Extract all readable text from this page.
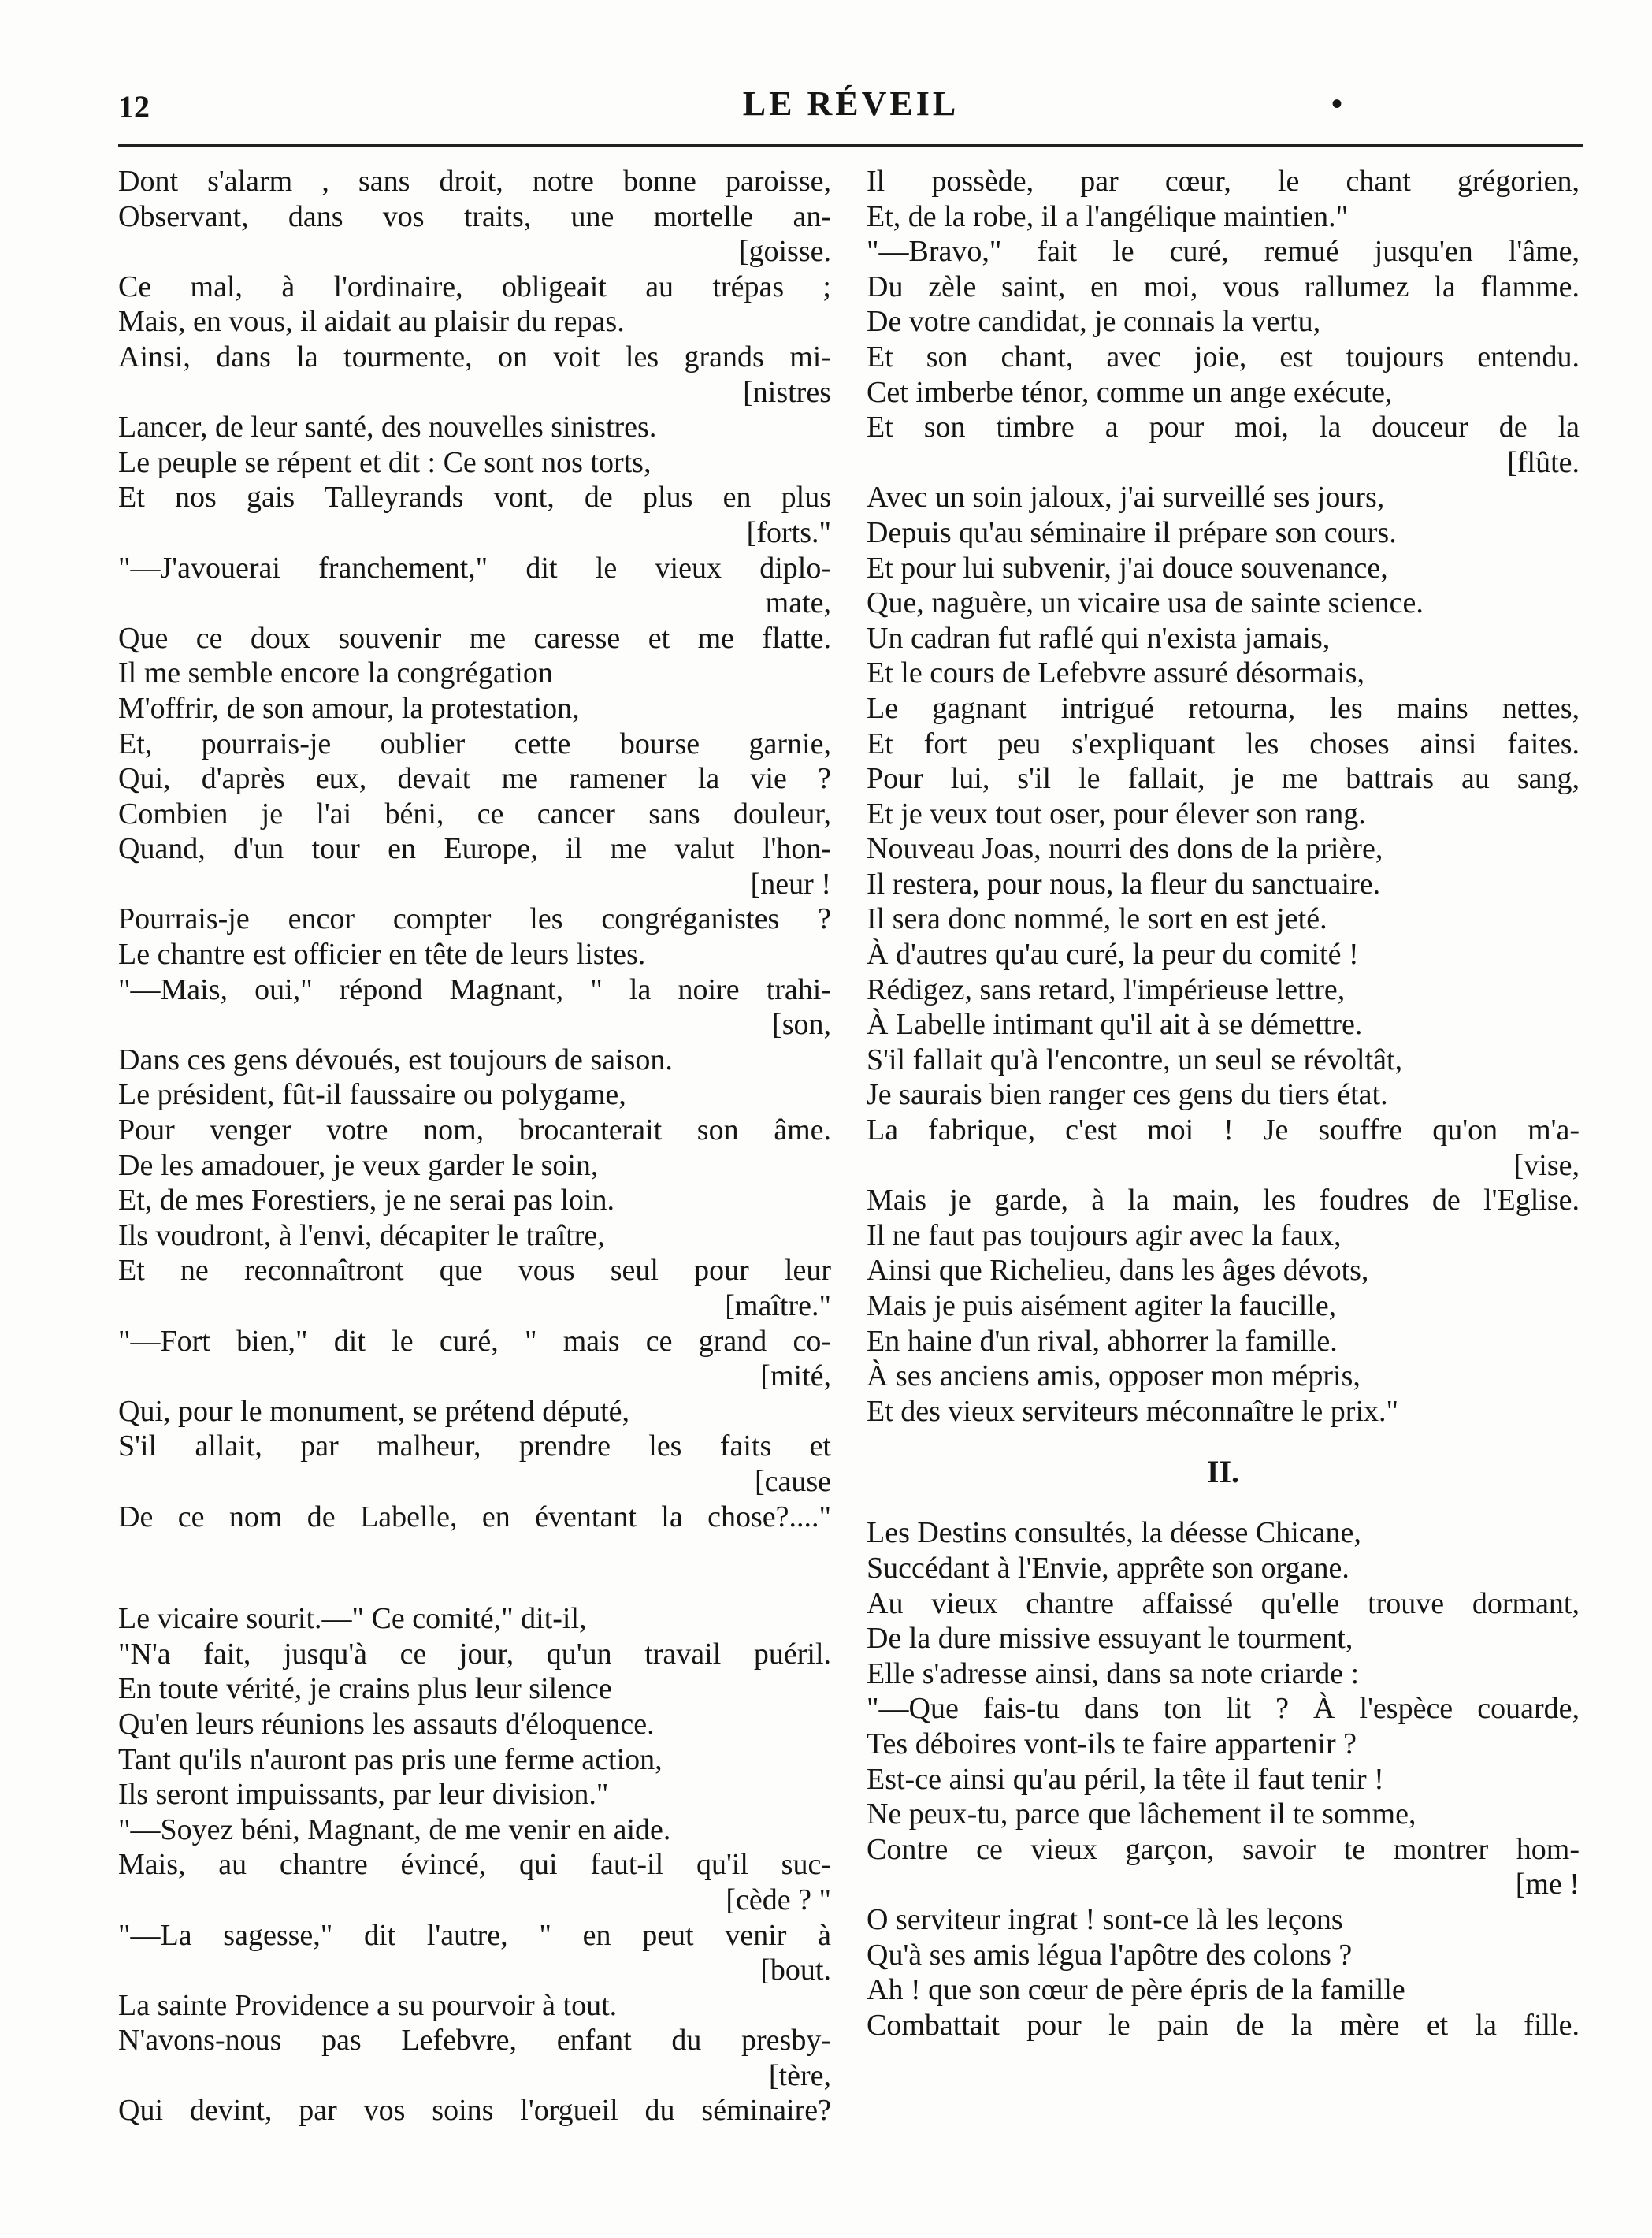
12	LE RÉVEIL	•
Dont s'alarm , sans droit, notre bonne paroisse,
Observant, dans vos traits, une mortelle an-
[goisse.
Ce mal, à l'ordinaire, obligeait au trépas ;
Mais, en vous, il aidait au plaisir du repas.
Ainsi, dans la tourmente, on voit les grands mi-
[nistres
Lancer, de leur santé, des nouvelles sinistres.
Le peuple se répent et dit : Ce sont nos torts,
Et nos gais Talleyrands vont, de plus en plus
[forts."
"—J'avouerai franchement," dit le vieux diplo-
mate,
Que ce doux souvenir me caresse et me flatte.
Il me semble encore la congrégation
M'offrir, de son amour, la protestation,
Et, pourrais-je oublier cette bourse garnie,
Qui, d'après eux, devait me ramener la vie ?
Combien je l'ai béni, ce cancer sans douleur,
Quand, d'un tour en Europe, il me valut l'hon-
[neur !
Pourrais-je encor compter les congréganistes ?
Le chantre est officier en tête de leurs listes.
"—Mais, oui," répond Magnant, " la noire trahi-
[son,
Dans ces gens dévoués, est toujours de saison.
Le président, fût-il faussaire ou polygame,
Pour venger votre nom, brocanterait son âme.
De les amadouer, je veux garder le soin,
Et, de mes Forestiers, je ne serai pas loin.
Ils voudront, à l'envi, décapiter le traître,
Et ne reconnaîtront que vous seul pour leur
[maître."
"—Fort bien," dit le curé, " mais ce grand co-
[mité,
Qui, pour le monument, se prétend député,
S'il allait, par malheur, prendre les faits et
[cause
De ce nom de Labelle, en éventant la chose?...."
Le vicaire sourit.—" Ce comité," dit-il,
"N'a fait, jusqu'à ce jour, qu'un travail puéril.
En toute vérité, je crains plus leur silence
Qu'en leurs réunions les assauts d'éloquence.
Tant qu'ils n'auront pas pris une ferme action,
Ils seront impuissants, par leur division."
"—Soyez béni, Magnant, de me venir en aide.
Mais, au chantre évincé, qui faut-il qu'il suc-
[cède ? "
"—La sagesse," dit l'autre, " en peut venir à
[bout.
La sainte Providence a su pourvoir à tout.
N'avons-nous pas Lefebvre, enfant du presby-
[tère,
Qui devint, par vos soins l'orgueil du séminaire?
Il possède, par cœur, le chant grégorien,
Et, de la robe, il a l'angélique maintien."
"—Bravo," fait le curé, remué jusqu'en l'âme,
Du zèle saint, en moi, vous rallumez la flamme.
De votre candidat, je connais la vertu,
Et son chant, avec joie, est toujours entendu.
Cet imberbe ténor, comme un ange exécute,
Et son timbre a pour moi, la douceur de la
[flûte.
Avec un soin jaloux, j'ai surveillé ses jours,
Depuis qu'au séminaire il prépare son cours.
Et pour lui subvenir, j'ai douce souvenance,
Que, naguère, un vicaire usa de sainte science.
Un cadran fut raflé qui n'exista jamais,
Et le cours de Lefebvre assuré désormais,
Le gagnant intrigué retourna, les mains nettes,
Et fort peu s'expliquant les choses ainsi faites.
Pour lui, s'il le fallait, je me battrais au sang,
Et je veux tout oser, pour élever son rang.
Nouveau Joas, nourri des dons de la prière,
Il restera, pour nous, la fleur du sanctuaire.
Il sera donc nommé, le sort en est jeté.
À d'autres qu'au curé, la peur du comité !
Rédigez, sans retard, l'impérieuse lettre,
À Labelle intimant qu'il ait à se démettre.
S'il fallait qu'à l'encontre, un seul se révoltât,
Je saurais bien ranger ces gens du tiers état.
La fabrique, c'est moi ! Je souffre qu'on m'a-
[vise,
Mais je garde, à la main, les foudres de l'Eglise.
Il ne faut pas toujours agir avec la faux,
Ainsi que Richelieu, dans les âges dévots,
Mais je puis aisément agiter la faucille,
En haine d'un rival, abhorrer la famille.
À ses anciens amis, opposer mon mépris,
Et des vieux serviteurs méconnaître le prix."
II.
Les Destins consultés, la déesse Chicane,
Succédant à l'Envie, apprête son organe.
Au vieux chantre affaissé qu'elle trouve dormant,
De la dure missive essuyant le tourment,
Elle s'adresse ainsi, dans sa note criarde :
"—Que fais-tu dans ton lit ? À l'espèce couarde,
Tes déboires vont-ils te faire appartenir ?
Est-ce ainsi qu'au péril, la tête il faut tenir !
Ne peux-tu, parce que lâchement il te somme,
Contre ce vieux garçon, savoir te montrer hom-
[me !
O serviteur ingrat ! sont-ce là les leçons
Qu'à ses amis légua l'apôtre des colons ?
Ah ! que son cœur de père épris de la famille
Combattait pour le pain de la mère et la fille.
